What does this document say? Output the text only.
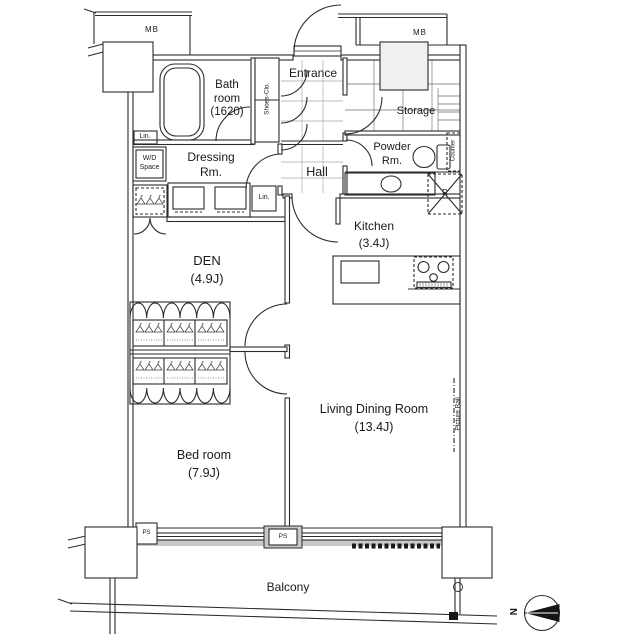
MB	MB
Bath
room
(1620)	Shoes-Clo.
Entrance
Storage
Powder
Rm.	Counter
R
Lin.
W/D
Space
Dressing
Rm.
Lin.
Hall
Kitchen
(3.4J)
DEN
(4.9J)
Living Dining Room
(13.4J)	Picture Rail
Bed room
(7.9J)
PS	PS
Balcony
N
